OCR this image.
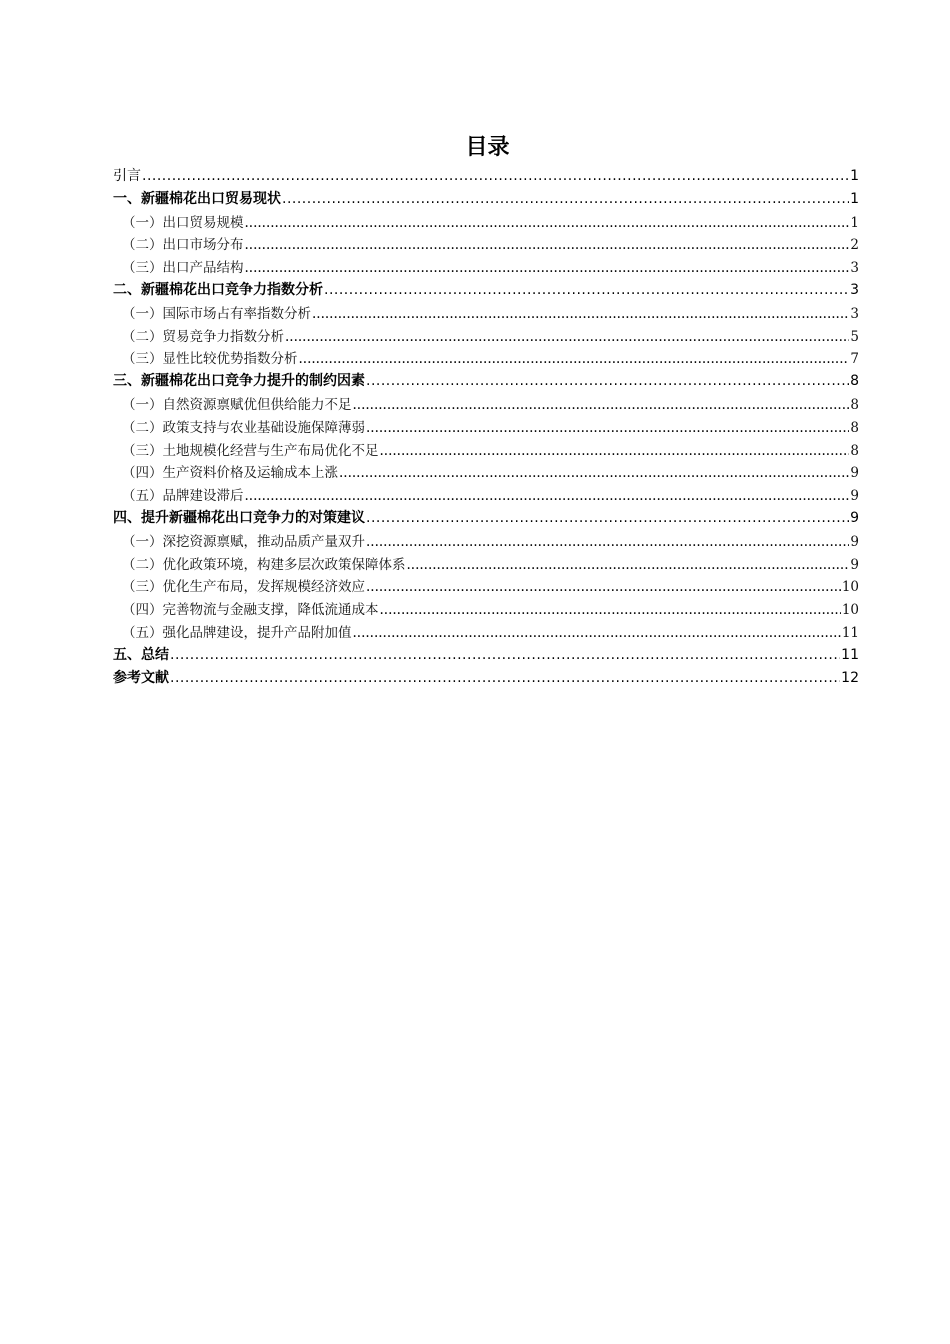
目录
引言 .....	1
一、新疆棉花出口贸易现状 .....	1
（一）出口贸易规模 .....	1
（二）出口市场分布 .....	2
（三）出口产品结构 .....	3
二、新疆棉花出口竞争力指数分析 .....	3
（一）国际市场占有率指数分析 .....	3
（二）贸易竞争力指数分析 .....	5
（三）显性比较优势指数分析 .....	7
三、新疆棉花出口竞争力提升的制约因素 .....	8
（一）自然资源禀赋优但供给能力不足 .....	8
（二）政策支持与农业基础设施保障薄弱 .....	8
（三）土地规模化经营与生产布局优化不足 .....	8
（四）生产资料价格及运输成本上涨 .....	9
（五）品牌建设滞后 .....	9
四、提升新疆棉花出口竞争力的对策建议 .....	9
（一）深挖资源禀赋，推动品质产量双升 .....	9
（二）优化政策环境，构建多层次政策保障体系 .....	9
（三）优化生产布局，发挥规模经济效应 .....	10
（四）完善物流与金融支撑，降低流通成本 .....	10
（五）强化品牌建设，提升产品附加值 .....	11
五、总结 .....	11
参考文献 .....	12
